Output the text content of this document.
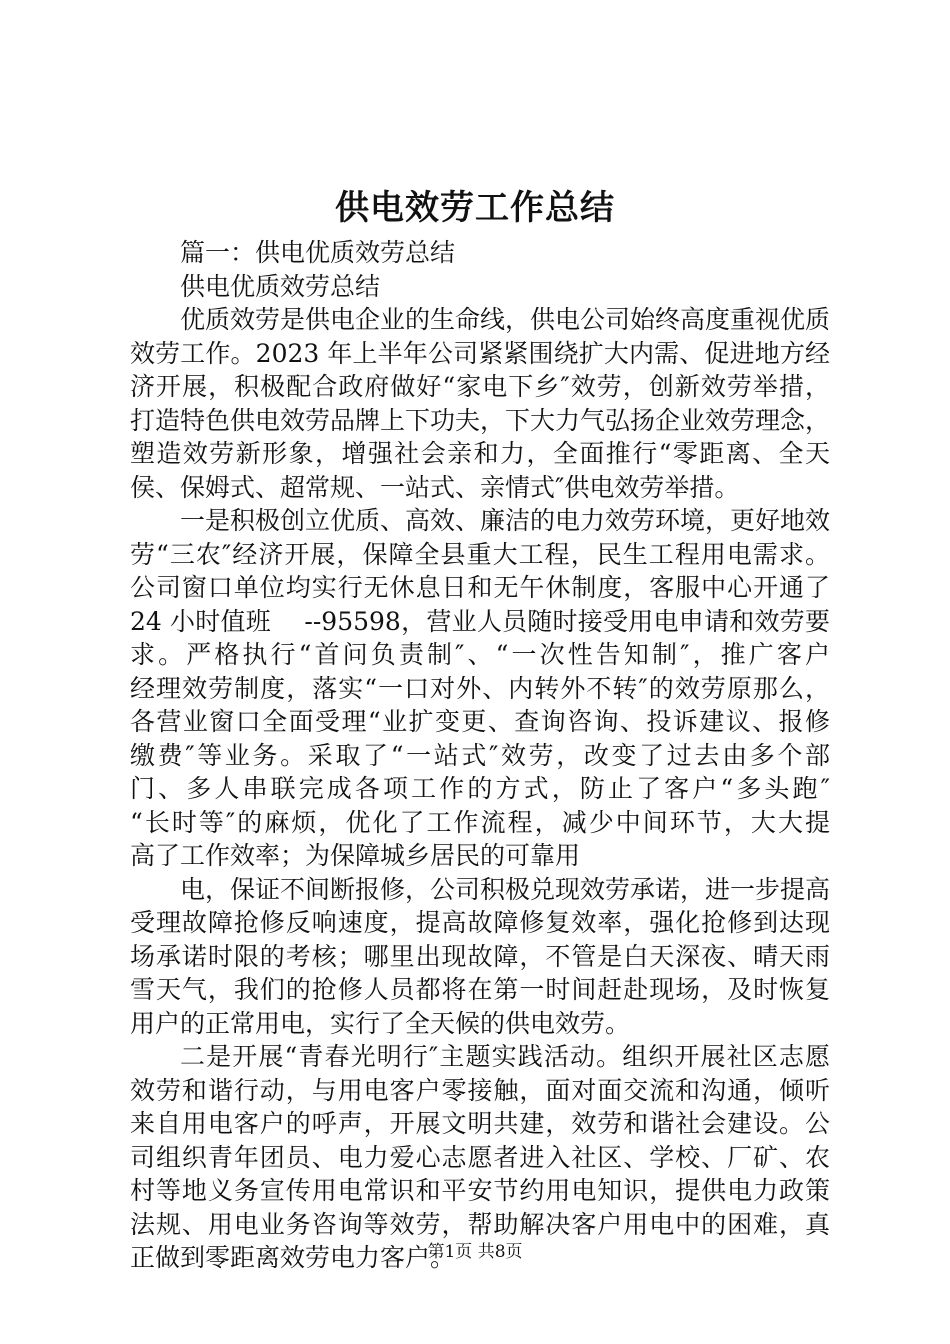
供电效劳工作总结
篇一：供电优质效劳总结
供电优质效劳总结
优质效劳是供电企业的生命线，供电公司始终高度重视优质
效劳工作。2023 年上半年公司紧紧围绕扩大内需、促进地方经
济开展，积极配合政府做好“家电下乡″效劳，创新效劳举措，
打造特色供电效劳品牌上下功夫，下大力气弘扬企业效劳理念，
塑造效劳新形象，增强社会亲和力，全面推行“零距离、全天
侯、保姆式、超常规、一站式、亲情式″供电效劳举措。
一是积极创立优质、高效、廉洁的电力效劳环境，更好地效
劳“三农″经济开展，保障全县重大工程，民生工程用电需求。
公司窗口单位均实行无休息日和无午休制度，客服中心开通了
24 小时值班　 --95598，营业人员随时接受用电申请和效劳要
求。严格执行“首问负责制″、“一次性告知制″，推广客户
经理效劳制度，落实“一口对外、内转外不转″的效劳原那么，
各营业窗口全面受理“业扩变更、查询咨询、投诉建议、报修
缴费″等业务。采取了“一站式″效劳，改变了过去由多个部
门、多人串联完成各项工作的方式，防止了客户“多头跑″
“长时等″的麻烦，优化了工作流程，减少中间环节，大大提
高了工作效率；为保障城乡居民的可靠用
电，保证不间断报修，公司积极兑现效劳承诺，进一步提高
受理故障抢修反响速度，提高故障修复效率，强化抢修到达现
场承诺时限的考核；哪里出现故障，不管是白天深夜、晴天雨
雪天气，我们的抢修人员都将在第一时间赶赴现场，及时恢复
用户的正常用电，实行了全天候的供电效劳。
二是开展“青春光明行″主题实践活动。组织开展社区志愿
效劳和谐行动，与用电客户零接触，面对面交流和沟通，倾听
来自用电客户的呼声，开展文明共建，效劳和谐社会建设。公
司组织青年团员、电力爱心志愿者进入社区、学校、厂矿、农
村等地义务宣传用电常识和平安节约用电知识，提供电力政策
法规、用电业务咨询等效劳，帮助解决客户用电中的困难，真
正做到零距离效劳电力客户。
第1页 共8页
